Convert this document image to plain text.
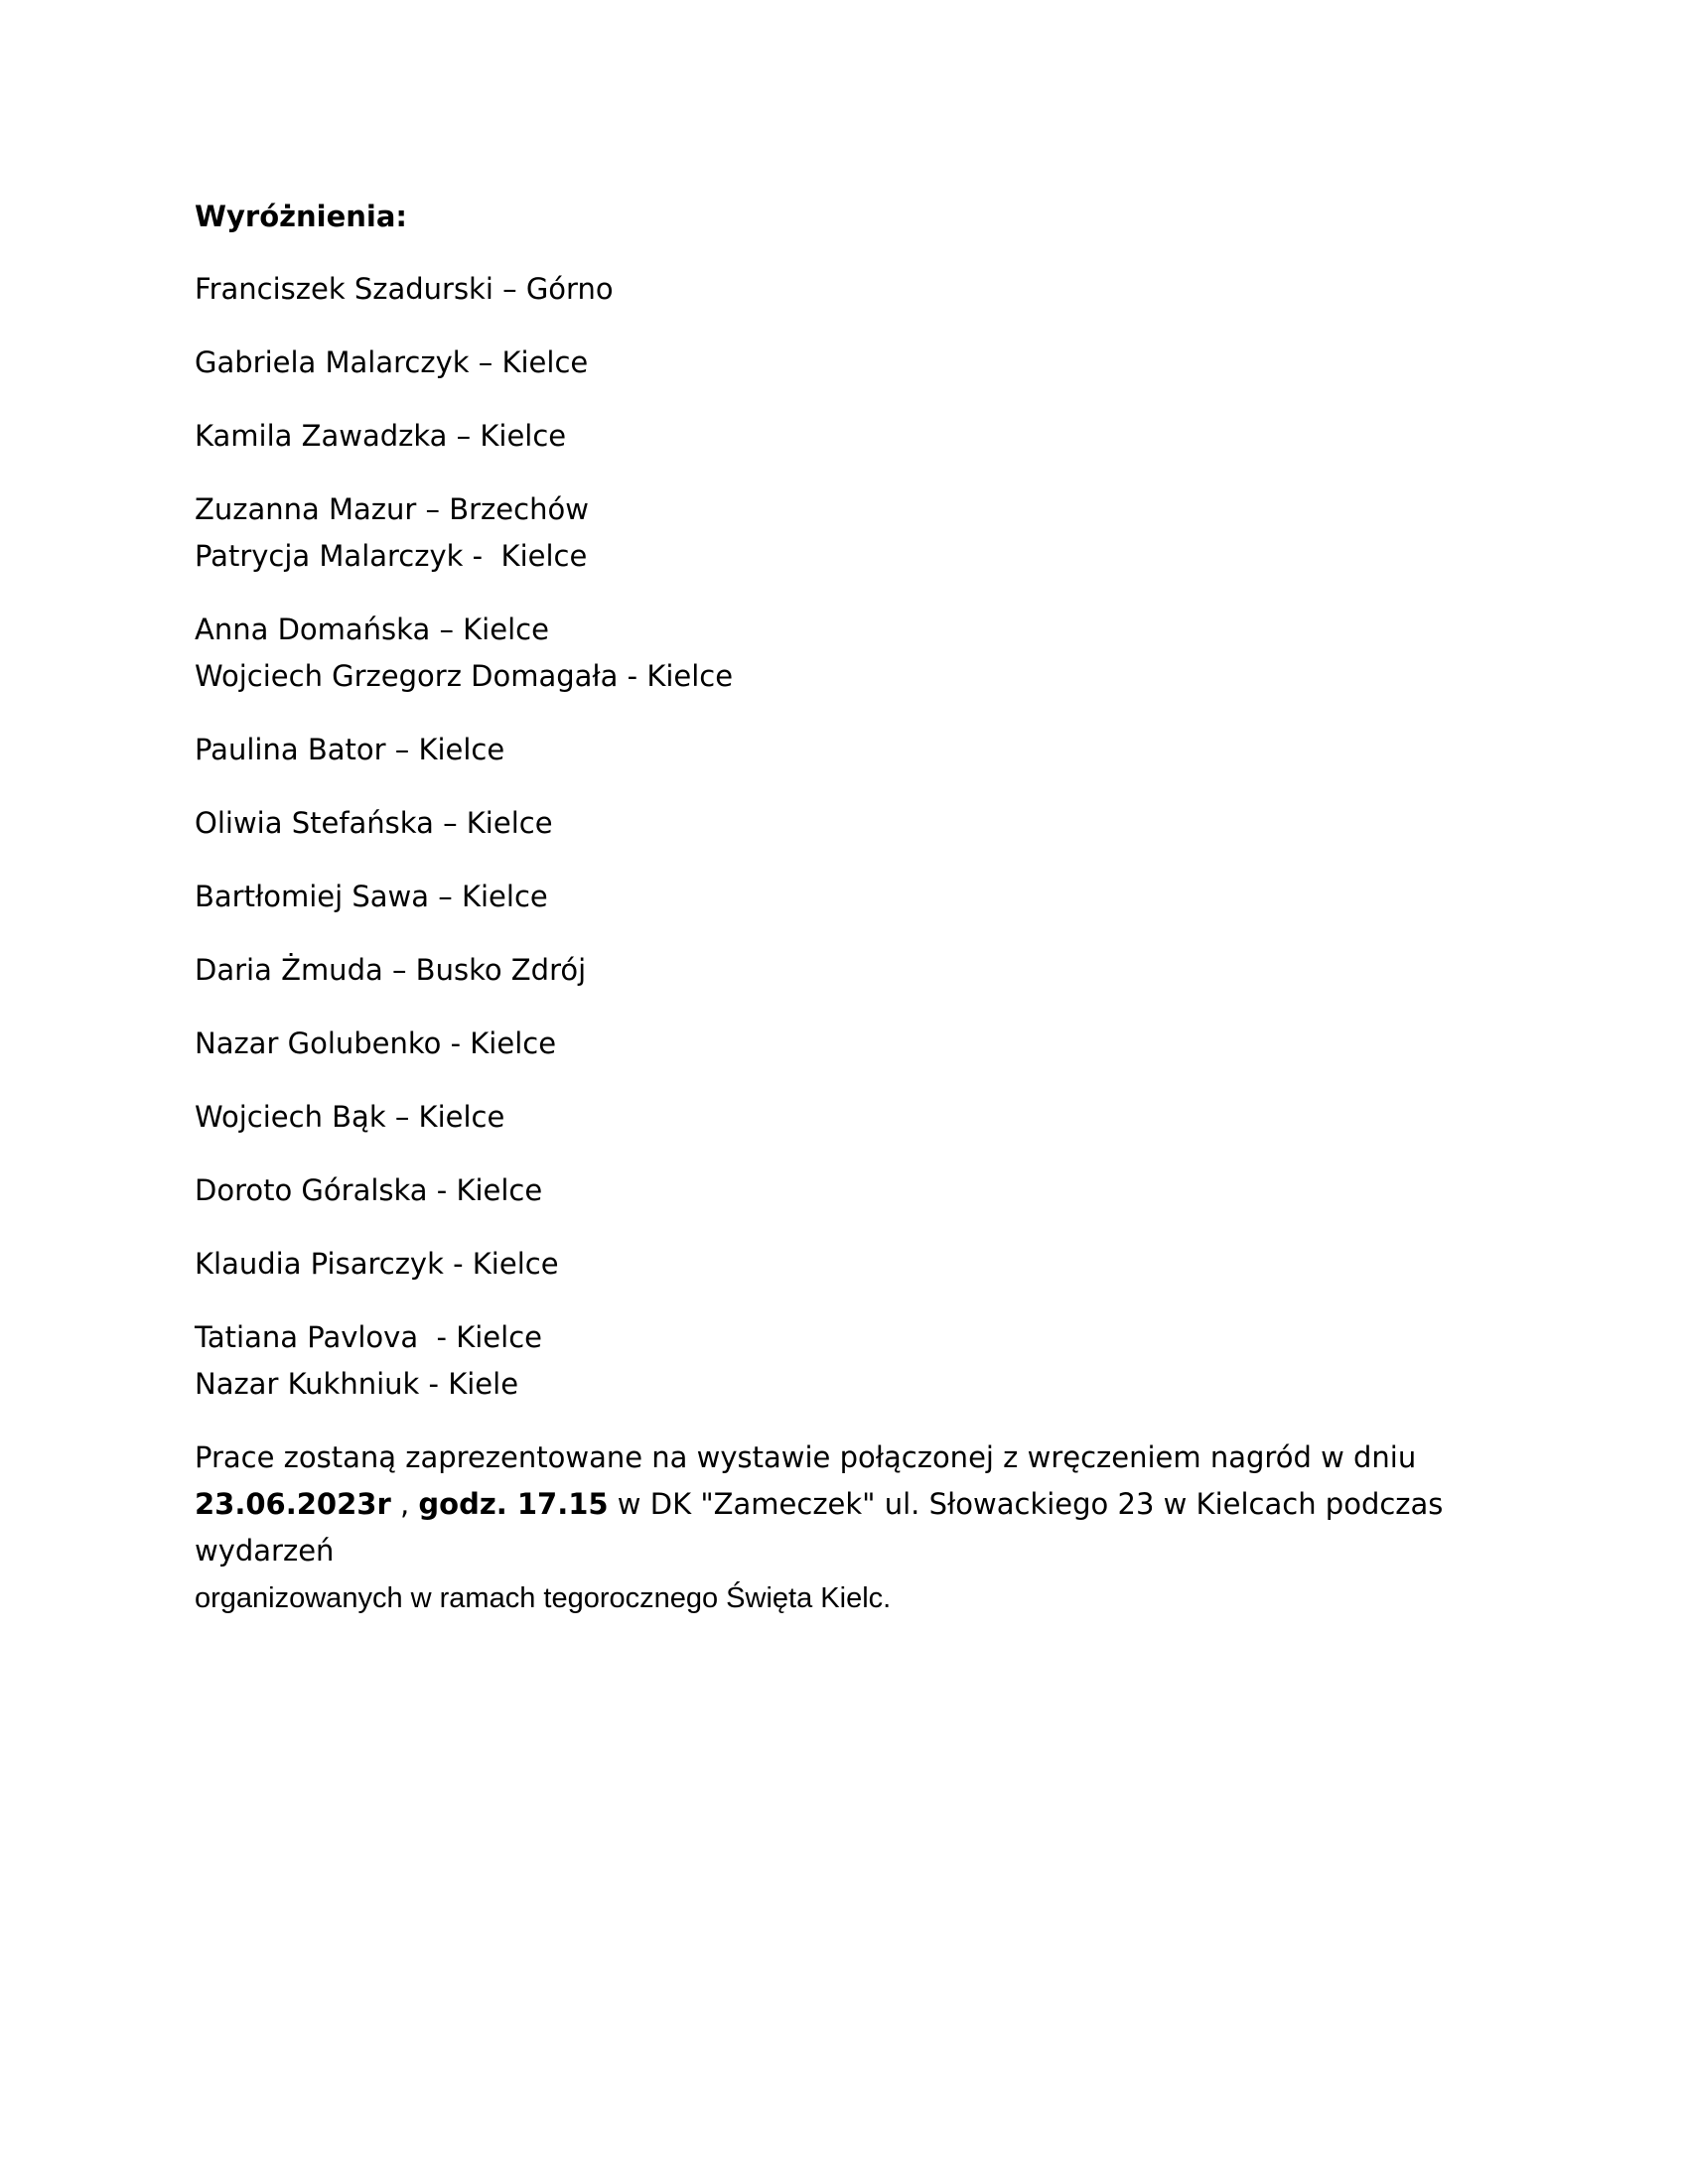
Wyróżnienia:
Franciszek Szadurski – Górno
Gabriela Malarczyk – Kielce
Kamila Zawadzka – Kielce
Zuzanna Mazur – Brzechów
Patrycja Malarczyk -  Kielce
Anna Domańska – Kielce
Wojciech Grzegorz Domagała - Kielce
Paulina Bator – Kielce
Oliwia Stefańska – Kielce
Bartłomiej Sawa – Kielce
Daria Żmuda – Busko Zdrój
Nazar Golubenko - Kielce
Wojciech Bąk – Kielce
Doroto Góralska - Kielce
Klaudia Pisarczyk - Kielce
Tatiana Pavlova  - Kielce
Nazar Kukhniuk - Kiele
Prace zostaną zaprezentowane na wystawie połączonej z wręczeniem nagród w dniu
23.06.2023r , godz. 17.15 w DK "Zameczek" ul. Słowackiego 23 w Kielcach podczas wydarzeń
organizowanych w ramach tegorocznego Święta Kielc.
